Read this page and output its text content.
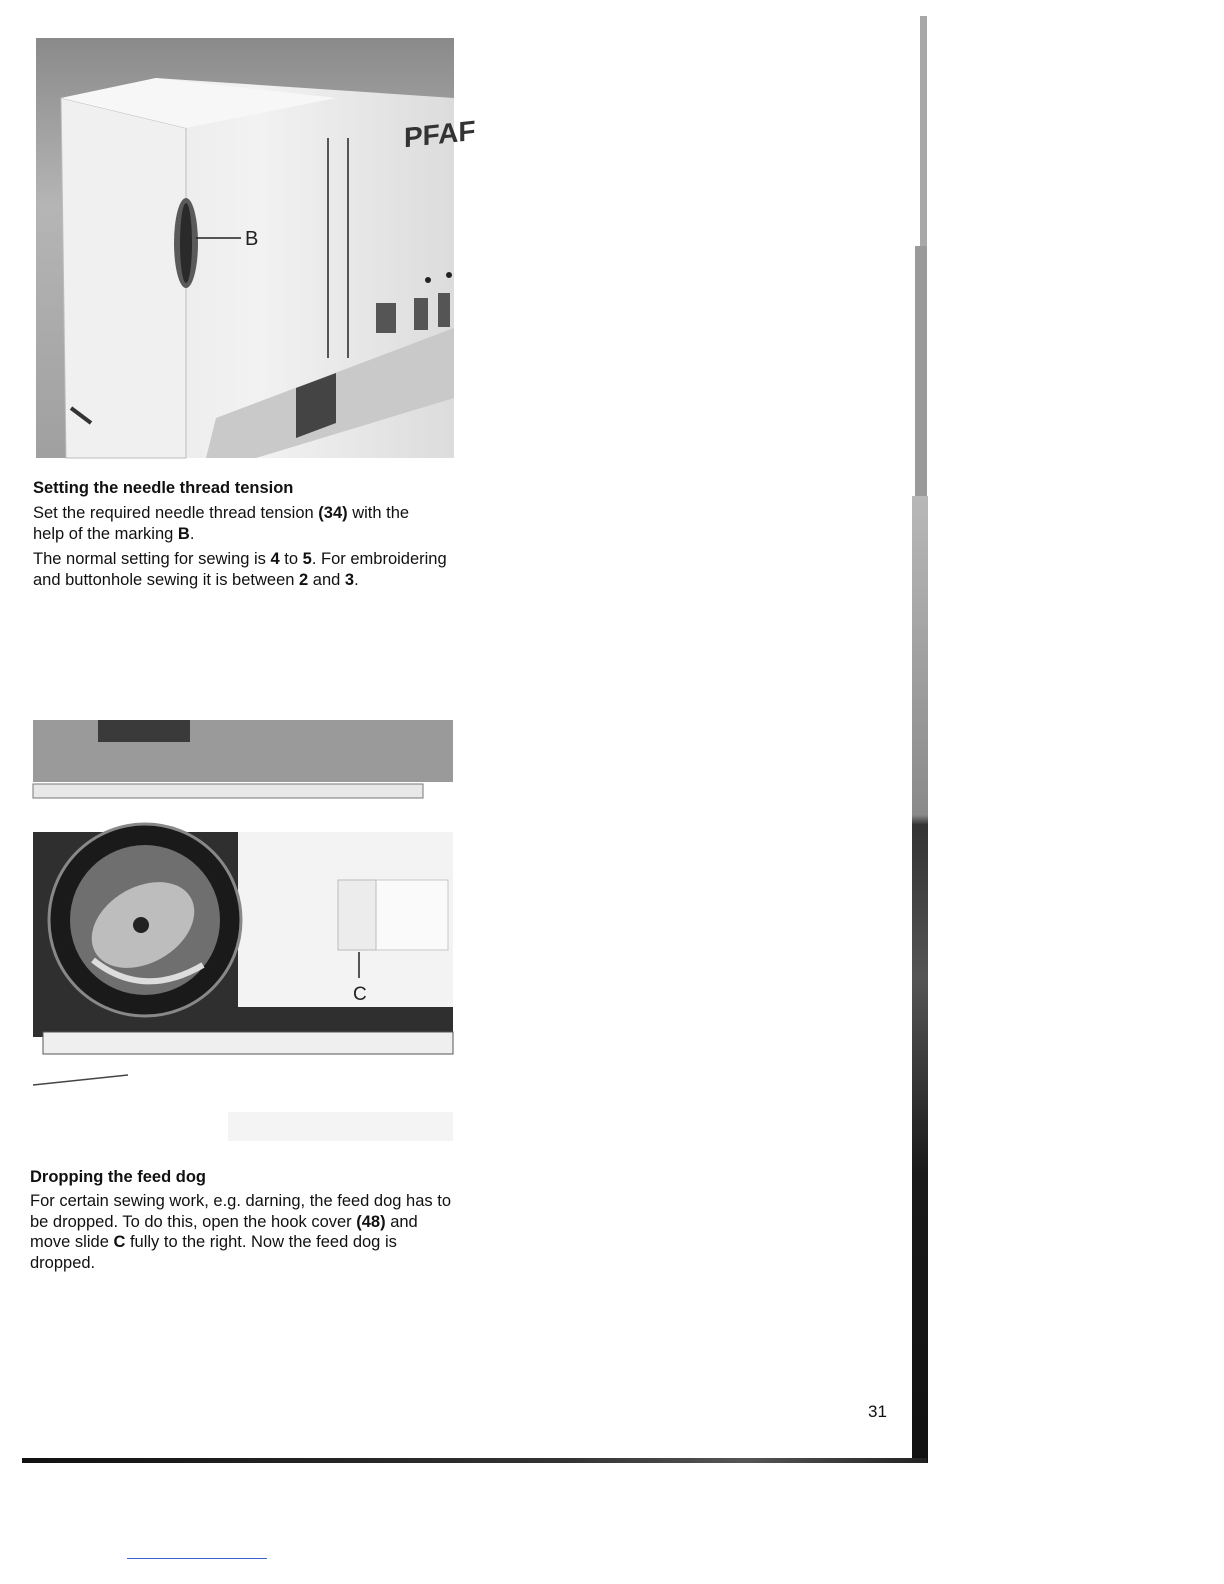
PFAF
B
Setting the needle thread tension

Set the required needle thread tension (34) with the help of the marking B.

The normal setting for sewing is 4 to 5. For embroidering and buttonhole sewing it is between 2 and 3.

C
Dropping the feed dog

For certain sewing work, e.g. darning, the feed dog has to be dropped. To do this, open the hook cover (48) and move slide C fully to the right. Now the feed dog is dropped.

31
